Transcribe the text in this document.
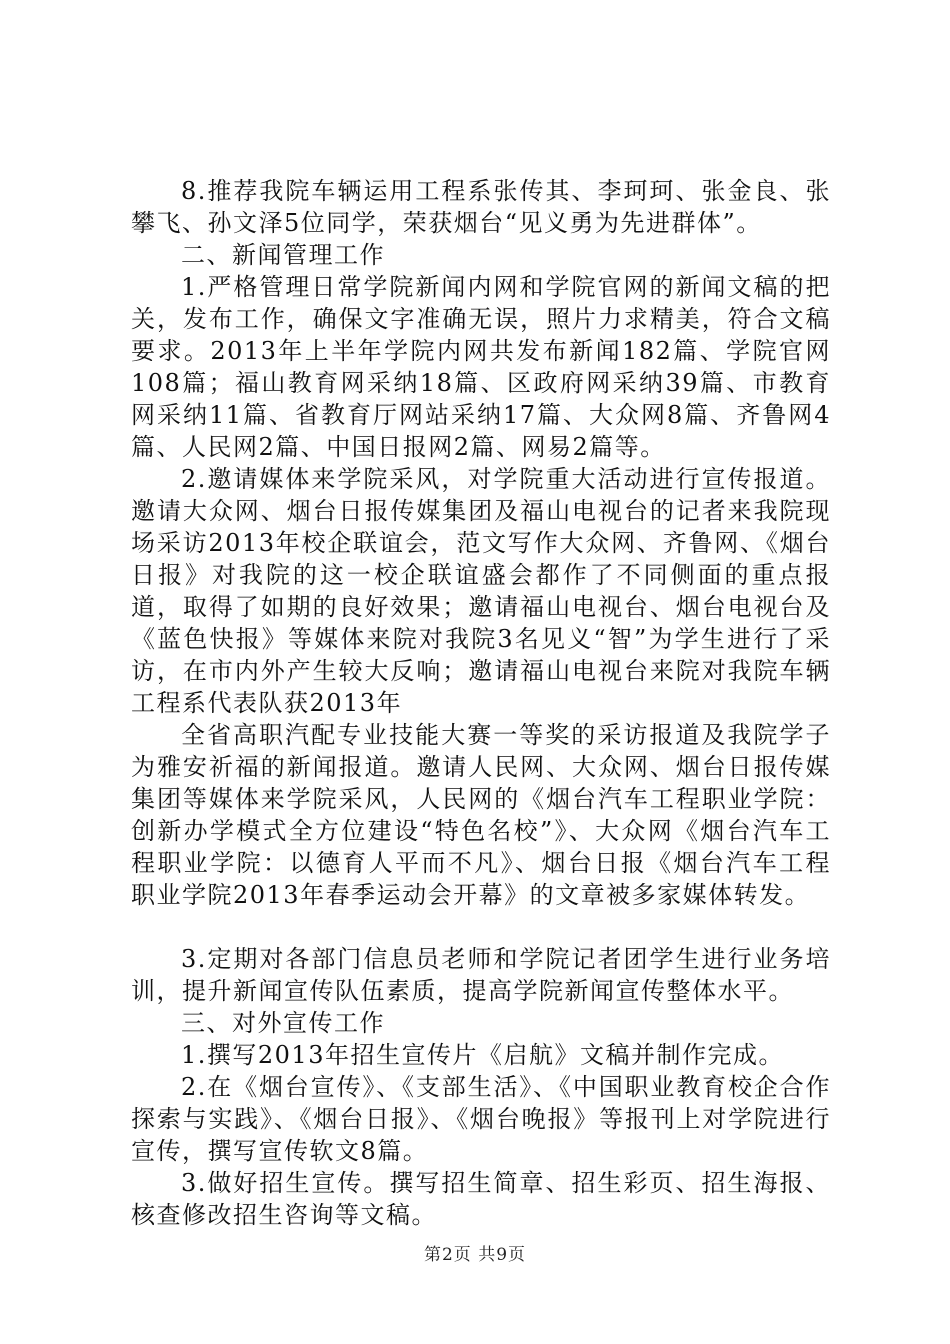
8.推荐我院车辆运用工程系张传其、李珂珂、张金良、张攀飞、孙文泽5位同学，荣获烟台“见义勇为先进群体”。

二、新闻管理工作

1.严格管理日常学院新闻内网和学院官网的新闻文稿的把关，发布工作，确保文字准确无误，照片力求精美，符合文稿要求。2013年上半年学院内网共发布新闻182篇、学院官网108篇；福山教育网采纳18篇、区政府网采纳39篇、市教育网采纳11篇、省教育厅网站采纳17篇、大众网8篇、齐鲁网4篇、人民网2篇、中国日报网2篇、网易2篇等。

2.邀请媒体来学院采风，对学院重大活动进行宣传报道。邀请大众网、烟台日报传媒集团及福山电视台的记者来我院现场采访2013年校企联谊会，范文写作大众网、齐鲁网、《烟台日报》对我院的这一校企联谊盛会都作了不同侧面的重点报道，取得了如期的良好效果；邀请福山电视台、烟台电视台及《蓝色快报》等媒体来院对我院3名见义“智”为学生进行了采访，在市内外产生较大反响；邀请福山电视台来院对我院车辆工程系代表队获2013年

全省高职汽配专业技能大赛一等奖的采访报道及我院学子为雅安祈福的新闻报道。邀请人民网、大众网、烟台日报传媒集团等媒体来学院采风，人民网的《烟台汽车工程职业学院：创新办学模式全方位建设“特色名校”》、大众网《烟台汽车工程职业学院：以德育人平而不凡》、烟台日报《烟台汽车工程职业学院2013年春季运动会开幕》的文章被多家媒体转发。

3.定期对各部门信息员老师和学院记者团学生进行业务培训，提升新闻宣传队伍素质，提高学院新闻宣传整体水平。

三、对外宣传工作

1.撰写2013年招生宣传片《启航》文稿并制作完成。

2.在《烟台宣传》、《支部生活》、《中国职业教育校企合作探索与实践》、《烟台日报》、《烟台晚报》等报刊上对学院进行宣传，撰写宣传软文8篇。

3.做好招生宣传。撰写招生简章、招生彩页、招生海报、核查修改招生咨询等文稿。

第2页 共9页
